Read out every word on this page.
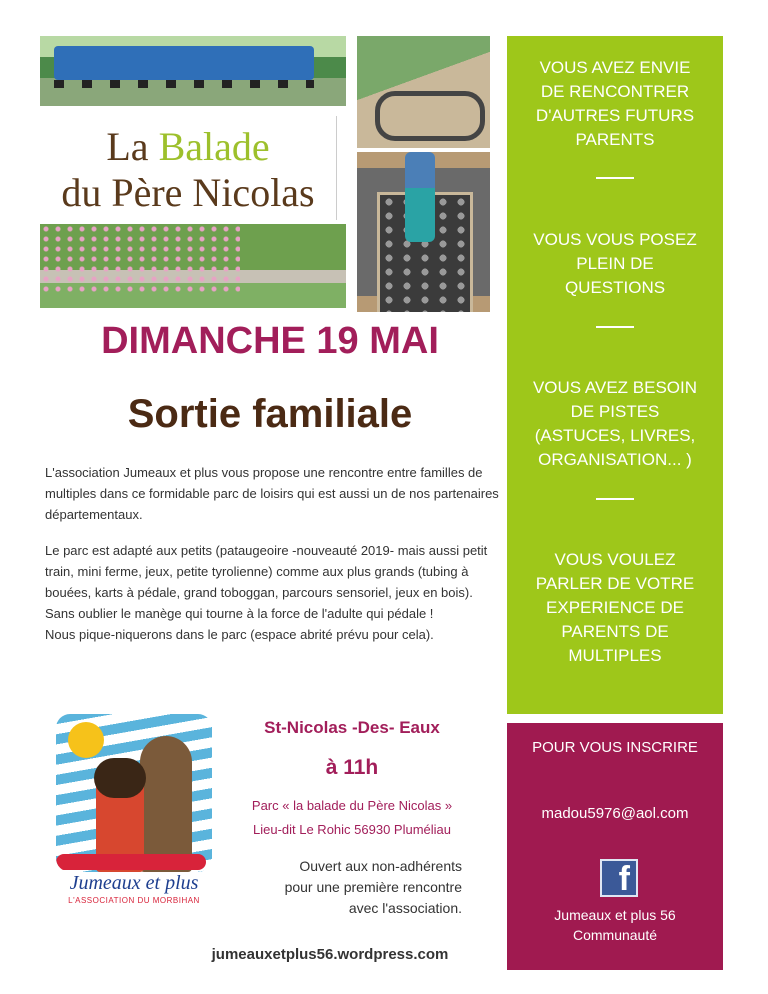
La Balade
du Père Nicolas
DIMANCHE 19 MAI
Sortie familiale

L'association Jumeaux et plus vous propose une rencontre entre familles de multiples dans ce formidable parc de loisirs qui est aussi un de nos partenaires départementaux.

Le parc est adapté aux petits (pataugeoire -nouveauté 2019- mais aussi petit train, mini ferme, jeux, petite tyrolienne) comme aux plus grands (tubing à bouées, karts à pédale, grand toboggan, parcours sensoriel, jeux en bois).
Sans oublier le manège qui tourne à la force de l'adulte qui pédale !
Nous pique-niquerons dans le parc (espace abrité prévu pour cela).
VOUS AVEZ ENVIE
DE RENCONTRER
D'AUTRES FUTURS
PARENTS
VOUS VOUS POSEZ
PLEIN DE
QUESTIONS
VOUS AVEZ BESOIN
DE PISTES
(ASTUCES, LIVRES,
ORGANISATION... )
VOUS VOULEZ
PARLER DE VOTRE
EXPERIENCE DE
PARENTS DE
MULTIPLES
POUR VOUS INSCRIRE
madou5976@aol.com
f
Jumeaux et plus 56
Communauté
Jumeaux et plus
L'ASSOCIATION DU MORBIHAN
St-Nicolas -Des- Eaux
à 11h
Parc « la balade du Père Nicolas »
Lieu-dit Le Rohic 56930 Pluméliau
Ouvert aux non-adhérents
pour une première rencontre
avec l'association.
jumeauxetplus56.wordpress.com
